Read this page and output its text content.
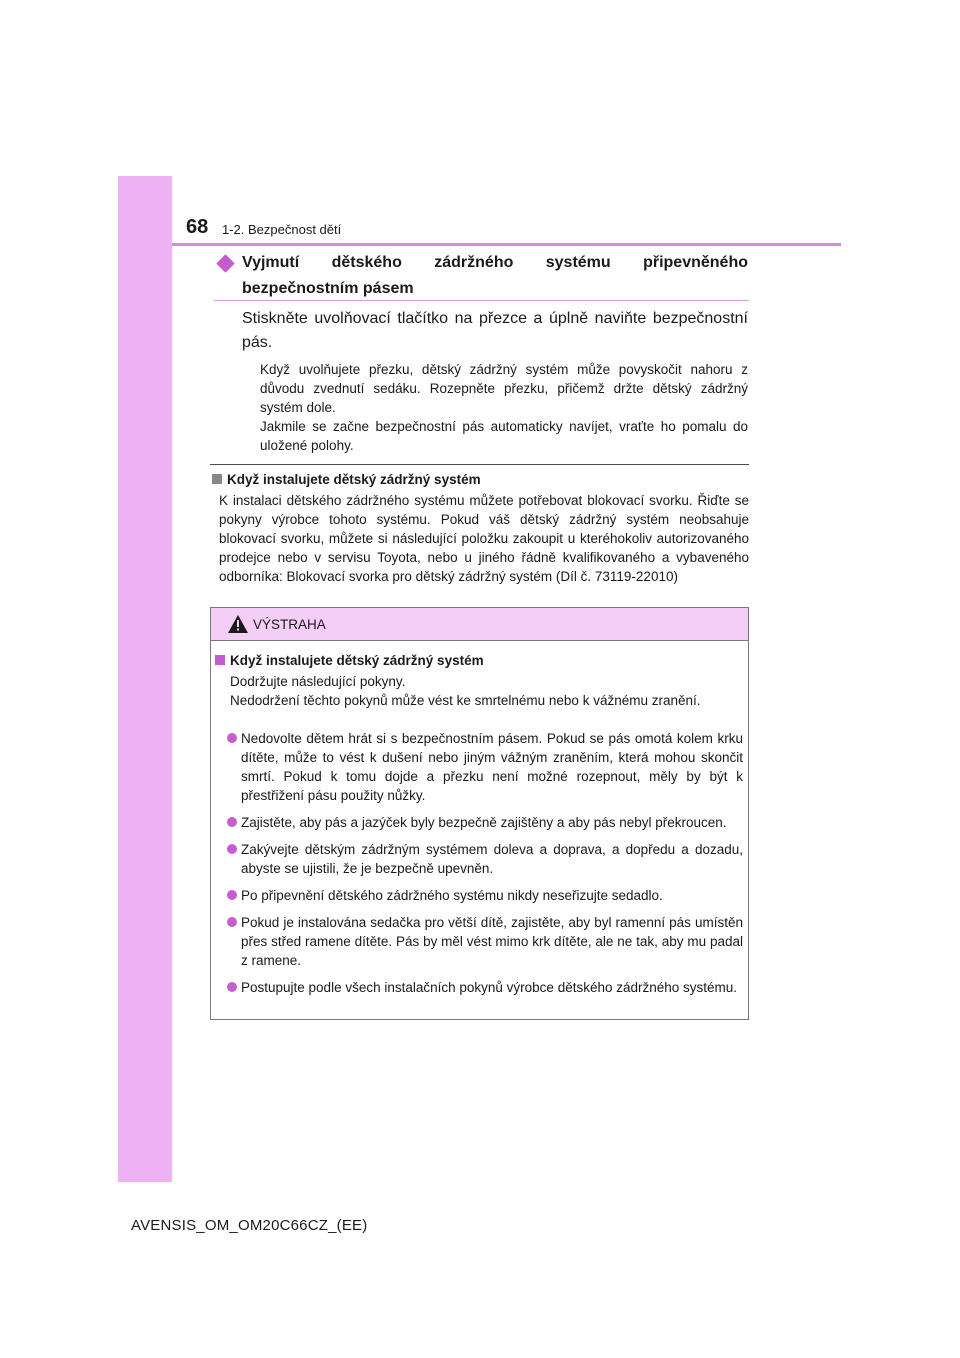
68 1-2. Bezpečnost dětí
Vyjmutí dětského zádržného systému připevněného bezpečnostním pásem
Stiskněte uvolňovací tlačítko na přezce a úplně naviňte bezpečnostní pás.
Když uvolňujete přezku, dětský zádržný systém může povyskočit nahoru z důvodu zvednutí sedáku. Rozepněte přezku, přičemž držte dětský zádržný systém dole.
Jakmile se začne bezpečnostní pás automaticky navíjet, vraťte ho pomalu do uložené polohy.
Když instalujete dětský zádržný systém
K instalaci dětského zádržného systému můžete potřebovat blokovací svorku. Řiďte se pokyny výrobce tohoto systému. Pokud váš dětský zádržný systém neobsahuje blokovací svorku, můžete si následující položku zakoupit u kteréhokoliv autorizovaného prodejce nebo v servisu Toyota, nebo u jiného řádně kvalifikovaného a vybaveného odborníka: Blokovací svorka pro dětský zádržný systém (Díl č. 73119-22010)
VÝSTRAHA
Když instalujete dětský zádržný systém
Dodržujte následující pokyny.
Nedodržení těchto pokynů může vést ke smrtelnému nebo k vážnému zranění.
Nedovolte dětem hrát si s bezpečnostním pásem. Pokud se pás omotá kolem krku dítěte, může to vést k dušení nebo jiným vážným zraněním, která mohou skončit smrtí. Pokud k tomu dojde a přezku není možné rozepnout, měly by být k přestřižení pásu použity nůžky.
Zajistěte, aby pás a jazýček byly bezpečně zajištěny a aby pás nebyl překroucen.
Zakývejte dětským zádržným systémem doleva a doprava, a dopředu a dozadu, abyste se ujistili, že je bezpečně upevněn.
Po připevnění dětského zádržného systému nikdy neseřizujte sedadlo.
Pokud je instalována sedačka pro větší dítě, zajistěte, aby byl ramenní pás umístěn přes střed ramene dítěte. Pás by měl vést mimo krk dítěte, ale ne tak, aby mu padal z ramene.
Postupujte podle všech instalačních pokynů výrobce dětského zádržného systému.
AVENSIS_OM_OM20C66CZ_(EE)
